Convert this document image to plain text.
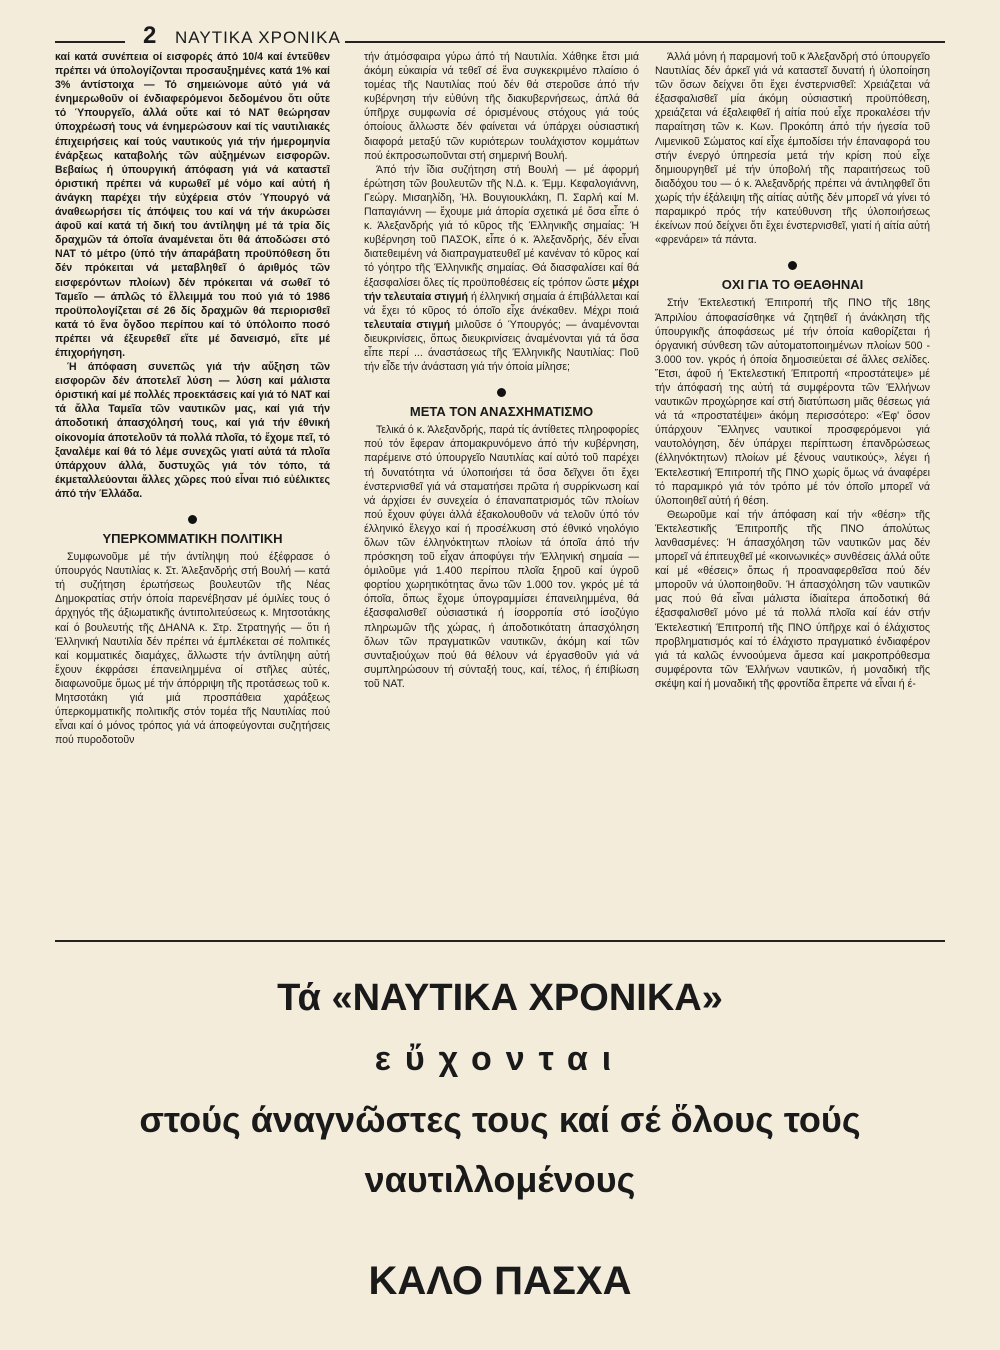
2 ΝΑΥΤΙΚΑ ΧΡΟΝΙΚΑ

καί κατά συνέπεια οί εισφορές άπό 10/4 καί έντεῦθεν πρέπει νά ύπολογίζονται προσαυξημένες κατά 1% καί 3% άντίστοιχα — Τό σημειώνομε αὐτό γιά νά ένημερωθοῦν οί ένδιαφερόμενοι δεδομένου ὅτι οὔτε τό Ύπουργεῖο, άλλά οὔτε καί τό ΝΑΤ θεώρησαν ύποχρέωσή τους νά ένημερώσουν καί τίς ναυτιλιακές έπιχειρήσεις καί τούς ναυτικούς γιά τήν ήμερομηνία ένάρξεως καταβολής τῶν αὐξημένων εισφορῶν. Βεβαίως ή ύπουργική άπόφαση γιά νά καταστεῖ όριστική πρέπει νά κυρωθεῖ μέ νόμο καί αὐτή ή άνάγκη παρέχει τήν εὐχέρεια στόν Ύπουργό νά άναθεωρήσει τίς άπόψεις του καί νά τήν άκυρώσει άφοῦ καί κατά τή δική του άντίληψη μέ τά τρία δίς δραχμῶν τά όποῖα άναμένεται ὅτι θά άποδώσει στό ΝΑΤ τό μέτρο (ύπό τήν άπαράβατη προϋπόθεση ὅτι δέν πρόκειται νά μεταβληθεῖ ό άριθμός τῶν εισφερόντων πλοίων) δέν πρόκειται νά σωθεῖ τό Ταμεῖο — άπλῶς τό ἔλλειμμά του πού γιά τό 1986 προϋπολογίζεται σέ 26 δίς δραχμῶν θά περιορισθεῖ κατά τό ἕνα ὄγδοο περίπου καί τό ύπόλοιπο ποσό πρέπει νά έξευρεθεῖ εἴτε μέ δανεισμό, εἴτε μέ έπιχορήγηση.

Ή άπόφαση συνεπῶς γιά τήν αὔξηση τῶν εισφορῶν δέν άποτελεῖ λύση — λύση καί μάλιστα όριστική καί μέ πολλές προεκτάσεις καί γιά τό ΝΑΤ καί τά ἄλλα Ταμεῖα τῶν ναυτικῶν μας, καί γιά τήν άποδοτική άπασχόλησή τους, καί γιά τήν έθνική οίκονομία άποτελοῦν τά πολλά πλοῖα, τό ἔχομε πεῖ, τό ξαναλέμε καί θά τό λέμε συνεχῶς γιατί αὐτά τά πλοῖα ύπάρχουν άλλά, δυστυχῶς γιά τόν τόπο, τά έκμεταλλεύονται ἄλλες χῶρες πού εἶναι πιό εὐέλικτες άπό τήν Έλλάδα.

ΥΠΕΡΚΟΜΜΑΤΙΚΗ ΠΟΛΙΤΙΚΗ

Συμφωνοῦμε μέ τήν άντίληψη πού έξέφρασε ό ύπουργός Ναυτιλίας κ. Στ. Άλεξανδρής στή Βουλή — κατά τή συζήτηση έρωτήσεως βουλευτῶν τῆς Νέας Δημοκρατίας στήν όποία παρενέβησαν μέ όμιλίες τους ό άρχηγός τῆς άξιωματικῆς άντιπολιτεύσεως κ. Μητσοτάκης καί ό βουλευτής τῆς ΔΗΑΝΑ κ. Στρ. Στρατηγής — ὅτι ή Έλληνική Ναυτιλία δέν πρέπει νά έμπλέκεται σέ πολιτικές καί κομματικές διαμάχες, ἄλλωστε τήν άντίληψη αὐτή ἔχουν έκφράσει έπανειλημμένα οί στῆλες αὐτές, διαφωνοῦμε ὅμως μέ τήν άπόρριψη τῆς προτάσεως τοῦ κ. Μητσοτάκη γιά μιά προσπάθεια χαράξεως ύπερκομματικῆς πολιτικῆς στόν τομέα τῆς Ναυτιλίας πού εἶναι καί ό μόνος τρόπος γιά νά άποφεύγονται συζητήσεις πού πυροδοτοῦν

τήν άτμόσφαιρα γύρω άπό τή Ναυτιλία. Χάθηκε ἔτσι μιά άκόμη εὐκαιρία νά τεθεῖ σέ ἕνα συγκεκριμένο πλαίσιο ό τομέας τῆς Ναυτιλίας πού δέν θά στεροῦσε άπό τήν κυβέρνηση τήν εὐθύνη τῆς διακυβερνήσεως, άπλά θά ύπῆρχε συμφωνία σέ όρισμένους στόχους γιά τούς όποίους ἄλλωστε δέν φαίνεται νά ύπάρχει οὐσιαστική διαφορά μεταξύ τῶν κυριότερων τουλάχιστον κομμάτων πού έκπροσωποῦνται στή σημερινή Βουλή.

Άπό τήν ἴδια συζήτηση στή Βουλή — μέ άφορμή έρώτηση τῶν βουλευτῶν τῆς Ν.Δ. κ. Έμμ. Κεφαλογιάννη, Γεώργ. Μισαηλίδη, Ήλ. Βουγιουκλάκη, Π. Σαρλή καί Μ. Παπαγιάννη — ἔχουμε μιά άπορία σχετικά μέ ὅσα εἶπε ό κ. Άλεξανδρής γιά τό κῦρος τῆς Έλληνικῆς σημαίας: Ή κυβέρνηση τοῦ ΠΑΣΟΚ, εἶπε ό κ. Άλεξανδρής, δέν εἶναι διατεθειμένη νά διαπραγματευθεῖ μέ κανέναν τό κῦρος καί τό γόητρο τῆς Έλληνικῆς σημαίας. Θά διασφαλίσει καί θά έξασφαλίσει ὅλες τίς προϋποθέσεις είς τρόπον ὥστε μέχρι τήν τελευταία στιγμή ή έλληνική σημαία ά έπιβάλλεται καί νά ἔχει τό κῦρος τό όποῖο εἶχε άνέκαθεν. Μέχρι ποιά τελευταία στιγμή μιλοῦσε ό Ύπουργός; — άναμένονται διευκρινίσεις, ὅπως διευκρινίσεις άναμένονται γιά τά ὅσα εἶπε περί ... άναστάσεως τῆς Έλληνικῆς Ναυτιλίας: Ποῦ τήν εἶδε τήν άνάσταση γιά τήν όποία μίλησε;

ΜΕΤΑ ΤΟΝ ΑΝΑΣΧΗΜΑΤΙΣΜΟ

Τελικά ό κ. Άλεξανδρής, παρά τίς άντίθετες πληροφορίες πού τόν ἔφεραν άπομακρυνόμενο άπό τήν κυβέρνηση, παρέμεινε στό ύπουργεῖο Ναυτιλίας καί αὐτό τοῦ παρέχει τή δυνατότητα νά ύλοποιήσει τά ὅσα δεῖχνει ὅτι ἔχει ένστερνισθεῖ γιά νά σταματήσει πρῶτα ή συρρίκνωση καί νά άρχίσει έν συνεχεία ό έπαναπατρισμός τῶν πλοίων πού ἔχουν φύγει άλλά έξακολουθοῦν νά τελοῦν ύπό τόν έλληνικό ἔλεγχο καί ή προσέλκυση στό έθνικό νηολόγιο ὅλων τῶν έλληνόκτητων πλοίων τά όποῖα άπό τήν πρόσκηση τοῦ εἶχαν άποφύγει τήν Έλληνική σημαία — όμιλοῦμε γιά 1.400 περίπου πλοῖα ξηροῦ καί ύγροῦ φορτίου χωρητικότητας ἄνω τῶν 1.000 τον. γκρός μέ τά όποῖα, ὅπως ἔχομε ύπογραμμίσει έπανειλημμένα, θά έξασφαλισθεῖ οὐσιαστικά ή ίσορροπία στό ίσοζύγιο πληρωμῶν τῆς χώρας, ή άποδοτικότατη άπασχόληση ὅλων τῶν πραγματικῶν ναυτικῶν, άκόμη καί τῶν συνταξιούχων πού θά θέλουν νά έργασθοῦν γιά νά συμπληρώσουν τή σύνταξή τους, καί, τέλος, ή έπιβίωση τοῦ ΝΑΤ.

Άλλά μόνη ή παραμονή τοῦ κ Άλεξανδρή στό ύπουργεῖο Ναυτιλίας δέν άρκεῖ γιά νά καταστεῖ δυνατή ή ύλοποίηση τῶν ὅσων δείχνει ὅτι ἔχει ένστερνισθεῖ: Χρειάζεται νά έξασφαλισθεῖ μία άκόμη οὐσιαστική προϋπόθεση, χρειάζεται νά έξαλειφθεῖ ή αίτία πού εἶχε προκαλέσει τήν παραίτηση τῶν κ. Κων. Προκόπη άπό τήν ήγεσία τοῦ Λιμενικοῦ Σώματος καί εἶχε έμποδίσει τήν έπαναφορά του στήν ένεργό ύπηρεσία μετά τήν κρίση πού εἶχε δημιουργηθεῖ μέ τήν ύποβολή τῆς παραιτήσεως τοῦ διαδόχου του — ό κ. Άλεξανδρής πρέπει νά άντιληφθεῖ ὅτι χωρίς τήν έξάλειψη τῆς αίτίας αὐτῆς δέν μπορεῖ νά γίνει τό παραμικρό πρός τήν κατεύθυνση τῆς ύλοποιήσεως έκείνων πού δείχνει ὅτι ἔχει ένστερνισθεῖ, γιατί ή αίτία αὐτή «φρενάρει» τά πάντα.

ΟΧΙ ΓΙΑ ΤΟ ΘΕΑΘΗΝΑΙ

Στήν Έκτελεστική Έπιτροπή τῆς ΠΝΟ τῆς 18ης Άπριλίου άποφασίσθηκε νά ζητηθεῖ ή άνάκληση τῆς ύπουργικῆς άποφάσεως μέ τήν όποία καθορίζεται ή όργανική σύνθεση τῶν αὐτοματοποιημένων πλοίων 500 - 3.000 τον. γκρός ή όποία δημοσιεύεται σέ ἄλλες σελίδες. Ἔτσι, άφοῦ ή Έκτελεστική Έπιτροπή «προστάτεψε» μέ τήν άπόφασή της αὐτή τά συμφέροντα τῶν Έλλήνων ναυτικῶν προχώρησε καί στή διατύπωση μιᾶς θέσεως γιά νά τά «προστατέψει» άκόμη περισσότερο: «Ἐφ' ὅσον ύπάρχουν Ἕλληνες ναυτικοί προσφερόμενοι γιά ναυτολόγηση, δέν ύπάρχει περίπτωση έπανδρώσεως (έλληνόκτητων) πλοίων μέ ξένους ναυτικούς», λέγει ή Έκτελεστική Έπιτροπή τῆς ΠΝΟ χωρίς ὅμως νά άναφέρει τό παραμικρό γιά τόν τρόπο μέ τόν όποῖο μπορεῖ νά ύλοποιηθεῖ αὐτή ή θέση.

Θεωροῦμε καί τήν άπόφαση καί τήν «θέση» τῆς Έκτελεστικῆς Έπιτροπῆς τῆς ΠΝΟ άπολύτως λανθασμένες: Ή άπασχόληση τῶν ναυτικῶν μας δέν μπορεῖ νά έπιτευχθεῖ μέ «κοινωνικές» συνθέσεις άλλά οὔτε καί μέ «θέσεις» ὅπως ή προαναφερθεῖσα πού δέν μποροῦν νά ύλοποιηθοῦν. Ή άπασχόληση τῶν ναυτικῶν μας πού θά εἶναι μάλιστα ίδιαίτερα άποδοτική θά έξασφαλισθεῖ μόνο μέ τά πολλά πλοῖα καί έάν στήν Έκτελεστική Έπιτροπή τῆς ΠΝΟ ύπῆρχε καί ό έλάχιστος προβληματισμός καί τό έλάχιστο πραγματικό ένδιαφέρον γιά τά καλῶς έννοούμενα ἄμεσα καί μακροπρόθεσμα συμφέροντα τῶν Έλλήνων ναυτικῶν, ή μοναδική τῆς σκέψη καί ή μοναδική τῆς φροντίδα ἔπρεπε νά εἶναι ή έ-

Τά «ΝΑΥΤΙΚΑ ΧΡΟΝΙΚΑ»
εὔχονται
στούς άναγνῶστες τους καί σέ ὅλους τούς
ναυτιλλομένους
ΚΑΛΟ ΠΑΣΧΑ
